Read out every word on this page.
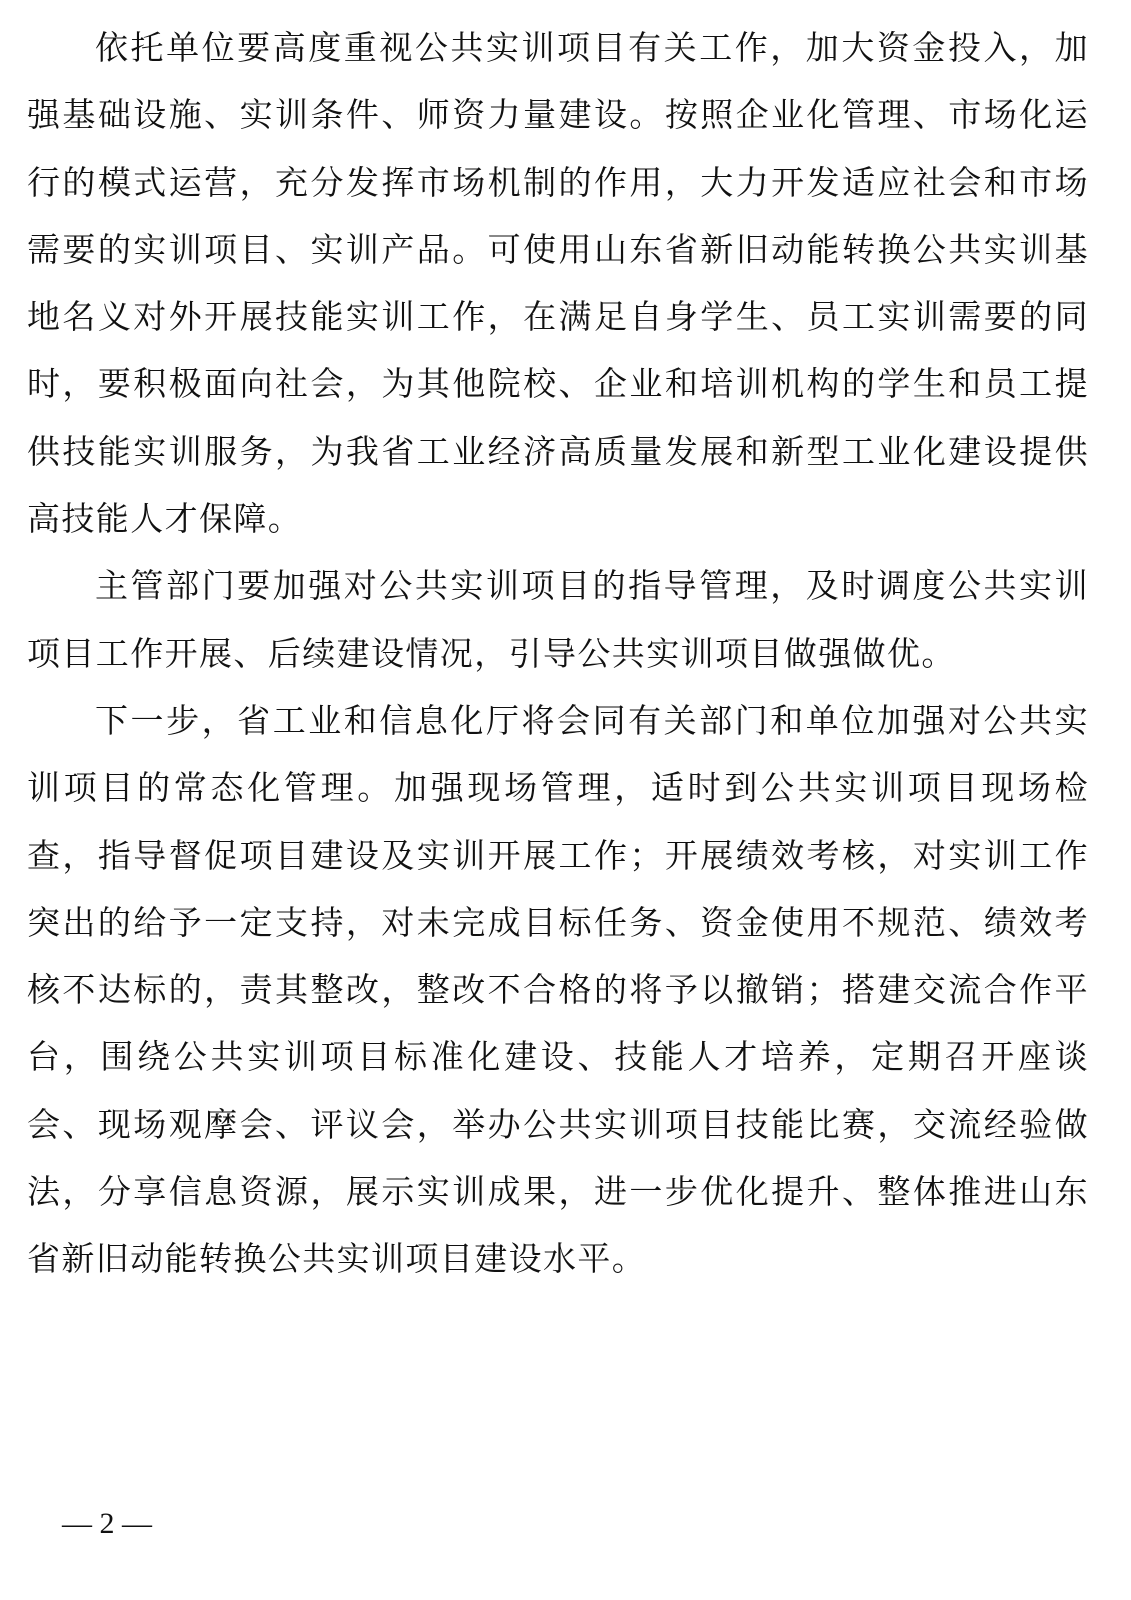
依托单位要高度重视公共实训项目有关工作，加大资金投入，加强基础设施、实训条件、师资力量建设。按照企业化管理、市场化运行的模式运营，充分发挥市场机制的作用，大力开发适应社会和市场需要的实训项目、实训产品。可使用山东省新旧动能转换公共实训基地名义对外开展技能实训工作，在满足自身学生、员工实训需要的同时，要积极面向社会，为其他院校、企业和培训机构的学生和员工提供技能实训服务，为我省工业经济高质量发展和新型工业化建设提供高技能人才保障。

主管部门要加强对公共实训项目的指导管理，及时调度公共实训项目工作开展、后续建设情况，引导公共实训项目做强做优。

下一步，省工业和信息化厅将会同有关部门和单位加强对公共实训项目的常态化管理。加强现场管理，适时到公共实训项目现场检查，指导督促项目建设及实训开展工作；开展绩效考核，对实训工作突出的给予一定支持，对未完成目标任务、资金使用不规范、绩效考核不达标的，责其整改，整改不合格的将予以撤销；搭建交流合作平台，围绕公共实训项目标准化建设、技能人才培养，定期召开座谈会、现场观摩会、评议会，举办公共实训项目技能比赛，交流经验做法，分享信息资源，展示实训成果，进一步优化提升、整体推进山东省新旧动能转换公共实训项目建设水平。

— 2 —
